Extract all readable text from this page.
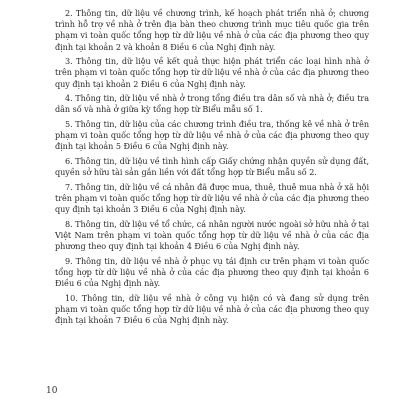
2. Thông tin, dữ liệu về chương trình, kế hoạch phát triển nhà ở; chương trình hỗ trợ về nhà ở trên địa bàn theo chương trình mục tiêu quốc gia trên phạm vi toàn quốc tổng hợp từ dữ liệu về nhà ở của các địa phương theo quy định tại khoản 2 và khoản 8 Điều 6 của Nghị định này.

3. Thông tin, dữ liệu về kết quả thực hiện phát triển các loại hình nhà ở trên phạm vi toàn quốc tổng hợp từ dữ liệu về nhà ở của các địa phương theo quy định tại khoản 2 Điều 6 của Nghị định này.

4. Thông tin, dữ liệu về nhà ở trong tổng điều tra dân số và nhà ở; điều tra dân số và nhà ở giữa kỳ tổng hợp từ Biểu mẫu số 1.

5. Thông tin, dữ liệu của các chương trình điều tra, thống kê về nhà ở trên phạm vi toàn quốc tổng hợp từ dữ liệu về nhà ở của các địa phương theo quy định tại khoản 5 Điều 6 của Nghị định này.

6. Thông tin, dữ liệu về tình hình cấp Giấy chứng nhận quyền sử dụng đất, quyền sở hữu tài sản gắn liền với đất tổng hợp từ Biểu mẫu số 2.

7. Thông tin, dữ liệu về cá nhân đã được mua, thuê, thuê mua nhà ở xã hội trên phạm vi toàn quốc tổng hợp từ dữ liệu về nhà ở của các địa phương theo quy định tại khoản 3 Điều 6 của Nghị định này.

8. Thông tin, dữ liệu về tổ chức, cá nhân người nước ngoài sở hữu nhà ở tại Việt Nam trên phạm vi toàn quốc tổng hợp từ dữ liệu về nhà ở của các địa phương theo quy định tại khoản 4 Điều 6 của Nghị định này.

9. Thông tin, dữ liệu về nhà ở phục vụ tái định cư trên phạm vi toàn quốc tổng hợp từ dữ liệu về nhà ở của các địa phương theo quy định tại khoản 6 Điều 6 của Nghị định này.

10. Thông tin, dữ liệu về nhà ở công vụ hiện có và đang sử dụng trên phạm vi toàn quốc tổng hợp từ dữ liệu về nhà ở của các địa phương theo quy định tại khoản 7 Điều 6 của Nghị định này.

10
